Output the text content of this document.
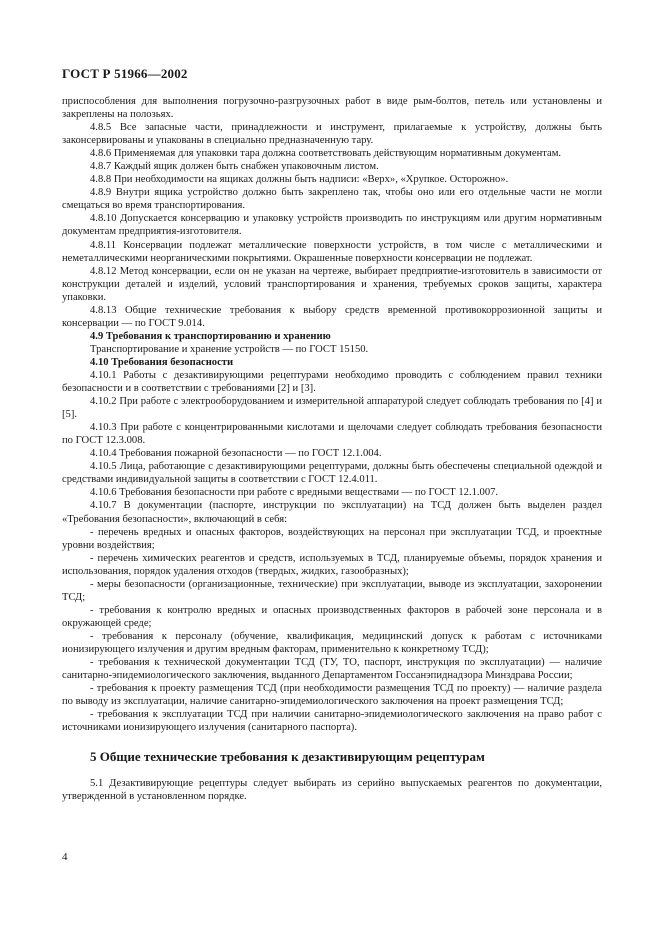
ГОСТ Р 51966—2002

приспособления для выполнения погрузочно-разгрузочных работ в виде рым-болтов, петель или установлены и закреплены на полозьях.

4.8.5 Все запасные части, принадлежности и инструмент, прилагаемые к устройству, должны быть законсервированы и упакованы в специально предназначенную тару.

4.8.6 Применяемая для упаковки тара должна соответствовать действующим нормативным документам.

4.8.7 Каждый ящик должен быть снабжен упаковочным листом.

4.8.8 При необходимости на ящиках должны быть надписи: «Верх», «Хрупкое. Осторожно».

4.8.9 Внутри ящика устройство должно быть закреплено так, чтобы оно или его отдельные части не могли смещаться во время транспортирования.

4.8.10 Допускается консервацию и упаковку устройств производить по инструкциям или другим нормативным документам предприятия-изготовителя.

4.8.11 Консервации подлежат металлические поверхности устройств, в том числе с металлическими и неметаллическими неорганическими покрытиями. Окрашенные поверхности консервации не подлежат.

4.8.12 Метод консервации, если он не указан на чертеже, выбирает предприятие-изготовитель в зависимости от конструкции деталей и изделий, условий транспортирования и хранения, требуемых сроков защиты, характера упаковки.

4.8.13 Общие технические требования к выбору средств временной противокоррозионной защиты и консервации — по ГОСТ 9.014.

4.9 Требования к транспортированию и хранению

Транспортирование и хранение устройств — по ГОСТ 15150.

4.10 Требования безопасности

4.10.1 Работы с дезактивирующими рецептурами необходимо проводить с соблюдением правил техники безопасности и в соответствии с требованиями [2] и [3].

4.10.2 При работе с электрооборудованием и измерительной аппаратурой следует соблюдать требования по [4] и [5].

4.10.3 При работе с концентрированными кислотами и щелочами следует соблюдать требования безопасности по ГОСТ 12.3.008.

4.10.4 Требования пожарной безопасности — по ГОСТ 12.1.004.

4.10.5 Лица, работающие с дезактивирующими рецептурами, должны быть обеспечены специальной одеждой и средствами индивидуальной защиты в соответствии с ГОСТ 12.4.011.

4.10.6 Требования безопасности при работе с вредными веществами — по ГОСТ 12.1.007.

4.10.7 В документации (паспорте, инструкции по эксплуатации) на ТСД должен быть выделен раздел «Требования безопасности», включающий в себя:

- перечень вредных и опасных факторов, воздействующих на персонал при эксплуатации ТСД, и проектные уровни воздействия;

- перечень химических реагентов и средств, используемых в ТСД, планируемые объемы, порядок хранения и использования, порядок удаления отходов (твердых, жидких, газообразных);

- меры безопасности (организационные, технические) при эксплуатации, выводе из эксплуатации, захоронении ТСД;

- требования к контролю вредных и опасных производственных факторов в рабочей зоне персонала и в окружающей среде;

- требования к персоналу (обучение, квалификация, медицинский допуск к работам с источниками ионизирующего излучения и другим вредным факторам, применительно к конкретному ТСД);

- требования к технической документации ТСД (ТУ, ТО, паспорт, инструкция по эксплуатации) — наличие санитарно-эпидемиологического заключения, выданного Департаментом Госсанэпиднадзора Минздрава России;

- требования к проекту размещения ТСД (при необходимости размещения ТСД по проекту) — наличие раздела по выводу из эксплуатации, наличие санитарно-эпидемиологического заключения на проект размещения ТСД;

- требования к эксплуатации ТСД при наличии санитарно-эпидемиологического заключения на право работ с источниками ионизирующего излучения (санитарного паспорта).

5 Общие технические требования к дезактивирующим рецептурам

5.1 Дезактивирующие рецептуры следует выбирать из серийно выпускаемых реагентов по документации, утвержденной в установленном порядке.

4
